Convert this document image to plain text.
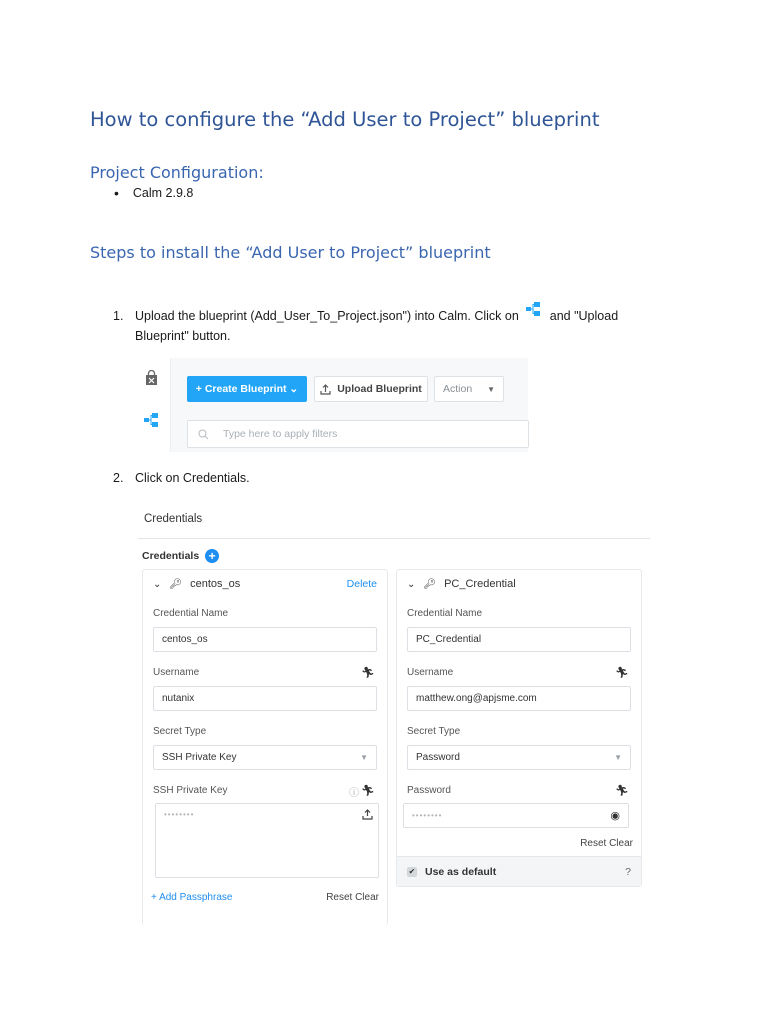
How to configure the “Add User to Project” blueprint
Project Configuration:
• Calm 2.9.8
Steps to install the “Add User to Project” blueprint
1. Upload the blueprint (Add_User_To_Project.json") into Calm. Click on and "Upload
Blueprint" button.
+ Create Blueprint ⌄	Upload Blueprint Action ▼
Type here to apply filters
2. Click on Credentials.
Credentials
Credentials +
⌄ 🔑︎ centos_os	Delete
Credential Name
centos_os
Username	🏃︎
nutanix
Secret Type
SSH Private Key	▼
SSH Private Key	ⓘ 🏃︎
••••••••
+ Add Passphrase	Reset Clear
⌄ 🔑︎ PC_Credential
Credential Name
PC_Credential
Username	🏃︎
matthew.ong@apjsme.com
Secret Type
Password	▼
Password	🏃︎
••••••••	◉
Reset Clear
✔ Use as default	?
